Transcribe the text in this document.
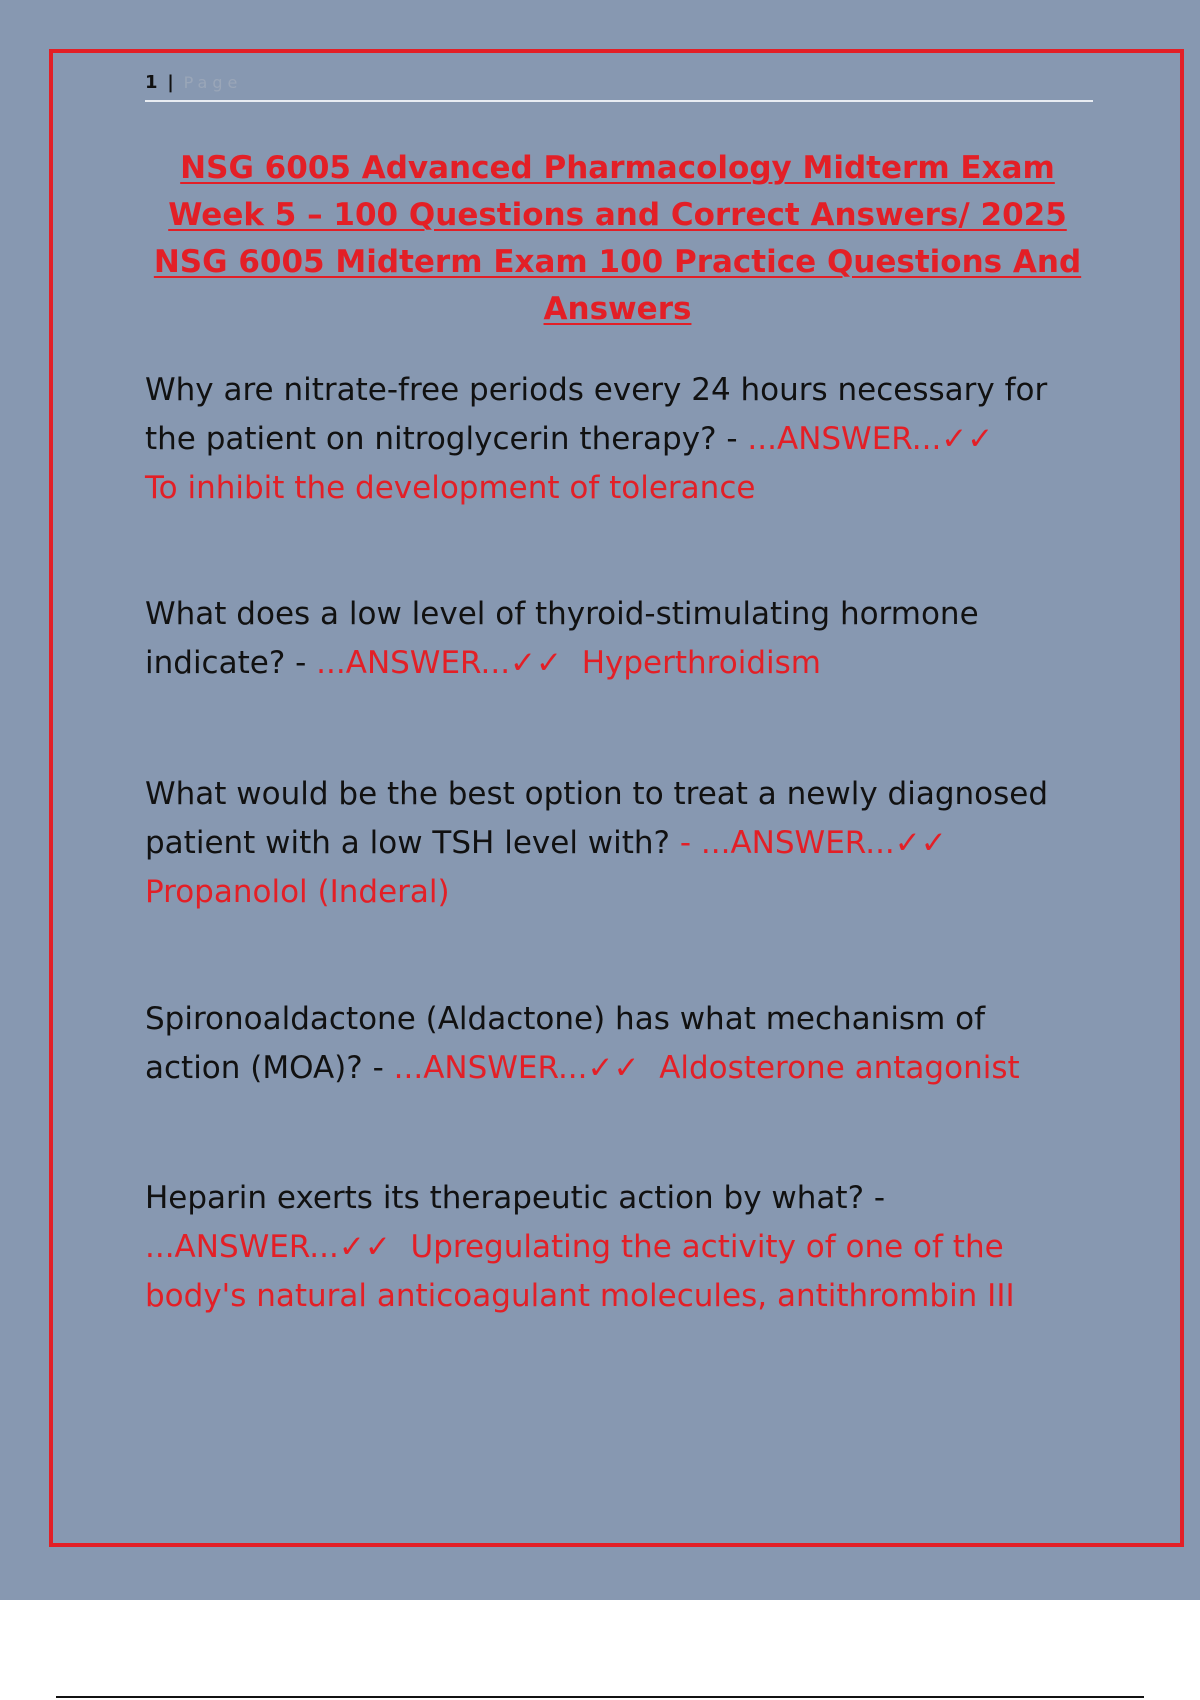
1 | Page
NSG 6005 Advanced Pharmacology Midterm Exam Week 5 – 100 Questions and Correct Answers/ 2025 NSG 6005 Midterm Exam 100 Practice Questions And Answers
Why are nitrate-free periods every 24 hours necessary for the patient on nitroglycerin therapy? - ...ANSWER...✓✓
To inhibit the development of tolerance
What does a low level of thyroid-stimulating hormone indicate? - ...ANSWER...✓✓ Hyperthroidism
What would be the best option to treat a newly diagnosed patient with a low TSH level with? - ...ANSWER...✓✓
Propanolol (Inderal)
Spironoaldactone (Aldactone) has what mechanism of action (MOA)? - ...ANSWER...✓✓ Aldosterone antagonist
Heparin exerts its therapeutic action by what? -
...ANSWER...✓✓ Upregulating the activity of one of the body's natural anticoagulant molecules, antithrombin III
